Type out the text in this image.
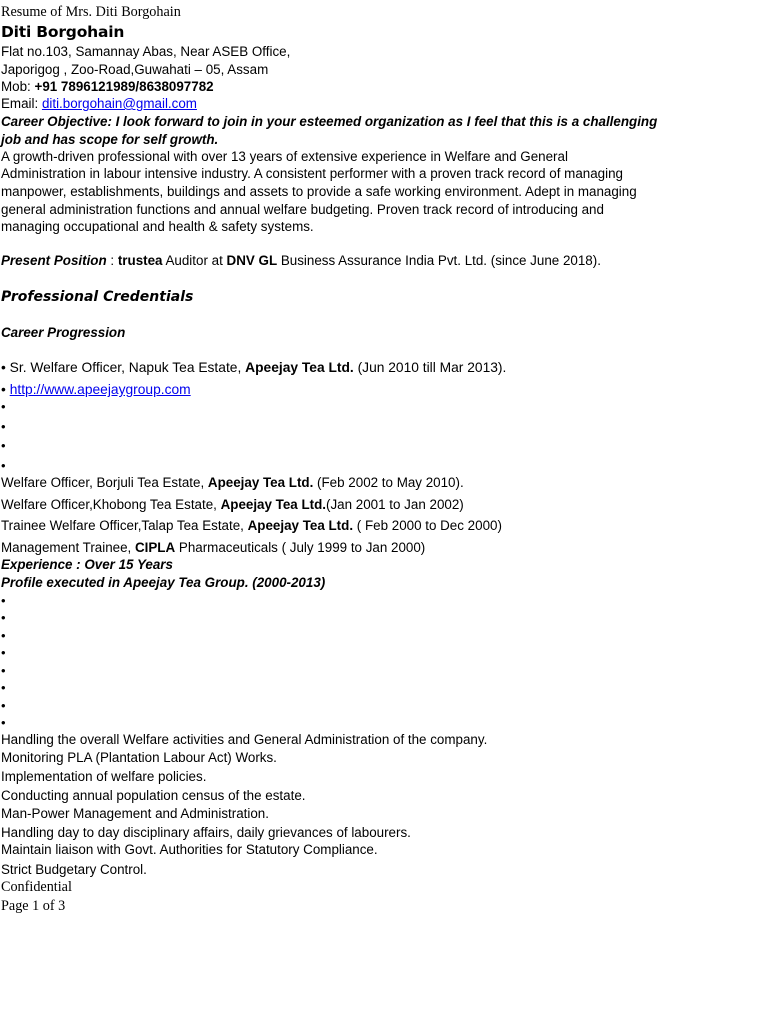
Resume of Mrs. Diti Borgohain
Diti Borgohain
Flat no.103, Samannay Abas, Near ASEB Office,
Japorigog , Zoo-Road,Guwahati – 05, Assam
Mob: +91 7896121989/8638097782
Email: diti.borgohain@gmail.com
Career Objective: I look forward to join in your esteemed organization as I feel that this is a challenging
job and has scope for self growth.
A growth-driven professional with over 13 years of extensive experience in Welfare and General
Administration in labour intensive industry. A consistent performer with a proven track record of managing
manpower, establishments, buildings and assets to provide a safe working environment. Adept in managing
general administration functions and annual welfare budgeting. Proven track record of introducing and
managing occupational and health & safety systems.
Present Position : trustea Auditor at DNV GL Business Assurance India Pvt. Ltd. (since June 2018).
Professional Credentials
Career Progression
• Sr. Welfare Officer, Napuk Tea Estate, Apeejay Tea Ltd. (Jun 2010 till Mar 2013).
• http://www.apeejaygroup.com
•
•
•
•
Welfare Officer, Borjuli Tea Estate, Apeejay Tea Ltd. (Feb 2002 to May 2010).
Welfare Officer,Khobong Tea Estate, Apeejay Tea Ltd.(Jan 2001 to Jan 2002)
Trainee Welfare Officer,Talap Tea Estate, Apeejay Tea Ltd. ( Feb 2000 to Dec 2000)
Management Trainee, CIPLA Pharmaceuticals ( July 1999 to Jan 2000)
Experience : Over 15 Years
Profile executed in Apeejay Tea Group. (2000-2013)
•
•
•
•
•
•
•
•
Handling the overall Welfare activities and General Administration of the company.
Monitoring PLA (Plantation Labour Act) Works.
Implementation of welfare policies.
Conducting annual population census of the estate.
Man-Power Management and Administration.
Handling day to day disciplinary affairs, daily grievances of labourers.
Maintain liaison with Govt. Authorities for Statutory Compliance.
Strict Budgetary Control.
Confidential
Page 1 of 3
